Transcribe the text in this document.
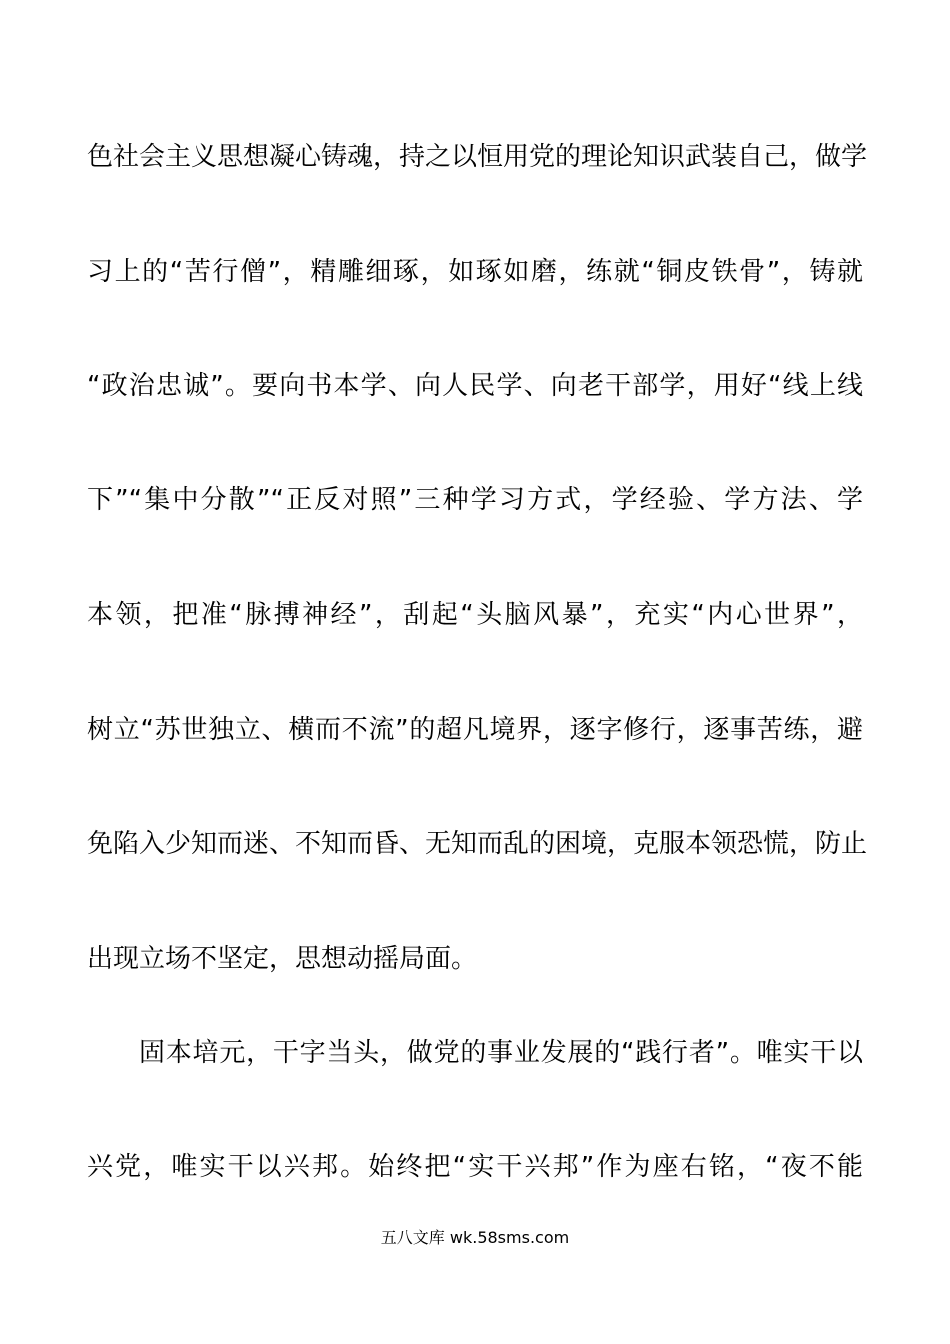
色社会主义思想凝心铸魂，持之以恒用党的理论知识武装自己，做学
习上的“苦行僧”，精雕细琢，如琢如磨，练就“铜皮铁骨”，铸就
“政治忠诚”。要向书本学、向人民学、向老干部学，用好“线上线
下”“集中分散”“正反对照”三种学习方式，学经验、学方法、学
本领，把准“脉搏神经”，刮起“头脑风暴”，充实“内心世界”，
树立“苏世独立、横而不流”的超凡境界，逐字修行，逐事苦练，避
免陷入少知而迷、不知而昏、无知而乱的困境，克服本领恐慌，防止
出现立场不坚定，思想动摇局面。
固本培元，干字当头，做党的事业发展的“践行者”。唯实干以
兴党，唯实干以兴邦。始终把“实干兴邦”作为座右铭，“夜不能
五八文库 wk.58sms.com
